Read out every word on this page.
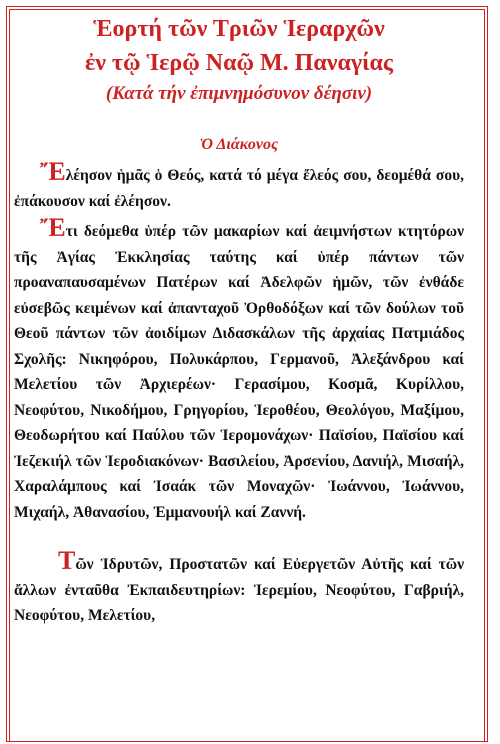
Ἑορτή τῶν Τριῶν Ἱεραρχῶν

ἐν τῷ Ἱερῷ Ναῷ Μ. Παναγίας

(Κατά τήν ἐπιμνημόσυνον δέησιν)

Ὁ Διάκονος

Ἔλέησον ἡμᾶς ὁ Θεός, κατά τό μέγα ἔλεός σου, δεομέθά σου, ἐπάκουσον καί ἐλέησον.

Ἔτι δεόμεθα ὑπέρ τῶν μακαρίων καί ἀειμνήστων κτητόρων τῆς Ἁγίας Ἐκκλησίας ταύτης καί ὑπέρ πάντων τῶν προαναπαυσαμένων Πατέρων καί Ἀδελφῶν ἡμῶν, τῶν ἐνθάδε εὐσεβῶς κειμένων καί ἀπανταχοῦ Ὀρθοδόξων καί τῶν δούλων τοῦ Θεοῦ πάντων τῶν ἀοιδίμων Διδασκάλων τῆς ἀρχαίας Πατμιάδος Σχολῆς: Νικηφόρου, Πολυκάρπου, Γερμανοῦ, Ἀλεξάνδρου καί Μελετίου τῶν Ἀρχιερέων· Γερασίμου, Κοσμᾶ, Κυρίλλου, Νεοφύτου, Νικοδήμου, Γρηγορίου, Ἱεροθέου, Θεολόγου, Μαξίμου, Θεοδωρήτου καί Παύλου τῶν Ἱερομονάχων· Παϊσίου, Παϊσίου καί Ἰεζεκιήλ τῶν Ἱεροδιακόνων· Βασιλείου, Ἀρσενίου, Δανιήλ, Μισαήλ, Χαραλάμπους καί Ἰσαάκ τῶν Μοναχῶν· Ἰωάννου, Ἰωάννου, Μιχαήλ, Ἀθανασίου, Ἐμμανουήλ καί Ζαννή.

Τῶν Ἱδρυτῶν, Προστατῶν καί Εὐεργετῶν Αὐτῆς καί τῶν ἄλλων ἐνταῦθα Ἐκπαιδευτηρίων: Ἱερεμίου, Νεοφύτου, Γαβριήλ, Νεοφύτου, Μελετίου,
